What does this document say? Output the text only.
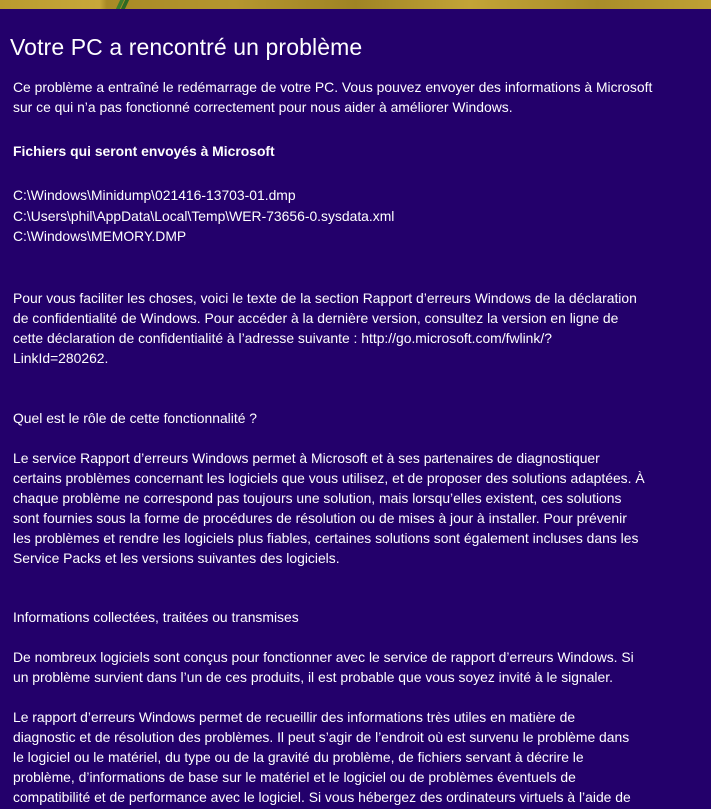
Votre PC a rencontré un problème

Ce problème a entraîné le redémarrage de votre PC. Vous pouvez envoyer des informations à Microsoft
sur ce qui n’a pas fonctionné correctement pour nous aider à améliorer Windows.

Fichiers qui seront envoyés à Microsoft

C:\Windows\Minidump\021416-13703-01.dmp
C:\Users\phil\AppData\Local\Temp\WER-73656-0.sysdata.xml
C:\Windows\MEMORY.DMP

Pour vous faciliter les choses, voici le texte de la section Rapport d’erreurs Windows de la déclaration
de confidentialité de Windows. Pour accéder à la dernière version, consultez la version en ligne de
cette déclaration de confidentialité à l’adresse suivante : http://go.microsoft.com/fwlink/?
LinkId=280262.

Quel est le rôle de cette fonctionnalité ?

Le service Rapport d’erreurs Windows permet à Microsoft et à ses partenaires de diagnostiquer
certains problèmes concernant les logiciels que vous utilisez, et de proposer des solutions adaptées. À
chaque problème ne correspond pas toujours une solution, mais lorsqu’elles existent, ces solutions
sont fournies sous la forme de procédures de résolution ou de mises à jour à installer. Pour prévenir
les problèmes et rendre les logiciels plus fiables, certaines solutions sont également incluses dans les
Service Packs et les versions suivantes des logiciels.

Informations collectées, traitées ou transmises

De nombreux logiciels sont conçus pour fonctionner avec le service de rapport d’erreurs Windows. Si
un problème survient dans l’un de ces produits, il est probable que vous soyez invité à le signaler.

Le rapport d’erreurs Windows permet de recueillir des informations très utiles en matière de
diagnostic et de résolution des problèmes. Il peut s’agir de l’endroit où est survenu le problème dans
le logiciel ou le matériel, du type ou de la gravité du problème, de fichiers servant à décrire le
problème, d’informations de base sur le matériel et le logiciel ou de problèmes éventuels de
compatibilité et de performance avec le logiciel. Si vous hébergez des ordinateurs virtuels à l’aide de
